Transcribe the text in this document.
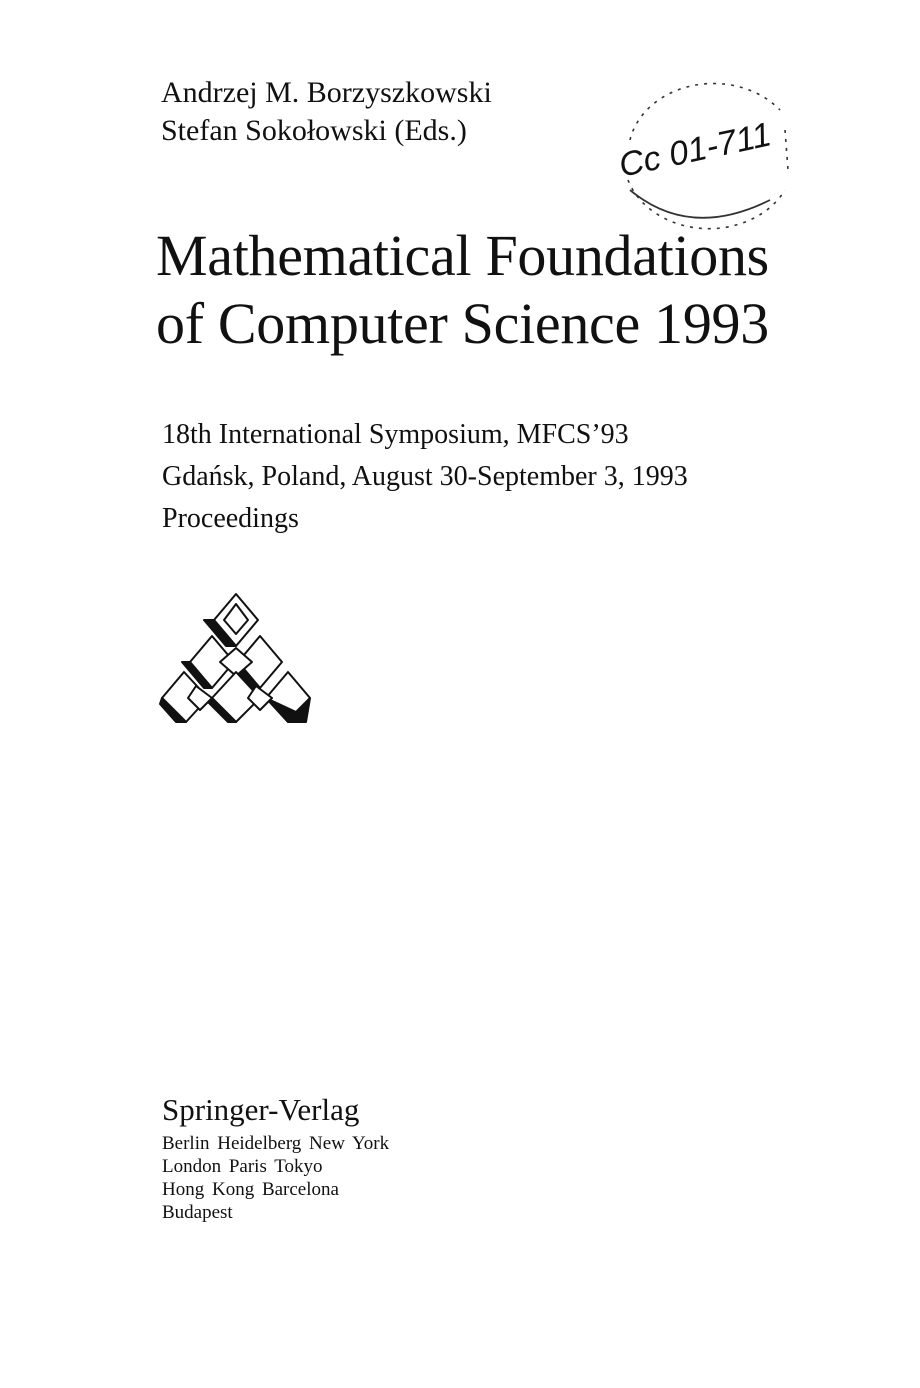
Andrzej M. Borzyszkowski
Stefan Sokołowski (Eds.)	Cc 01-711
Mathematical Foundations
of Computer Science 1993
18th International Symposium, MFCS’93
Gdańsk, Poland, August 30-September 3, 1993
Proceedings
Springer-Verlag
Berlin Heidelberg New York
London Paris Tokyo
Hong Kong Barcelona
Budapest
